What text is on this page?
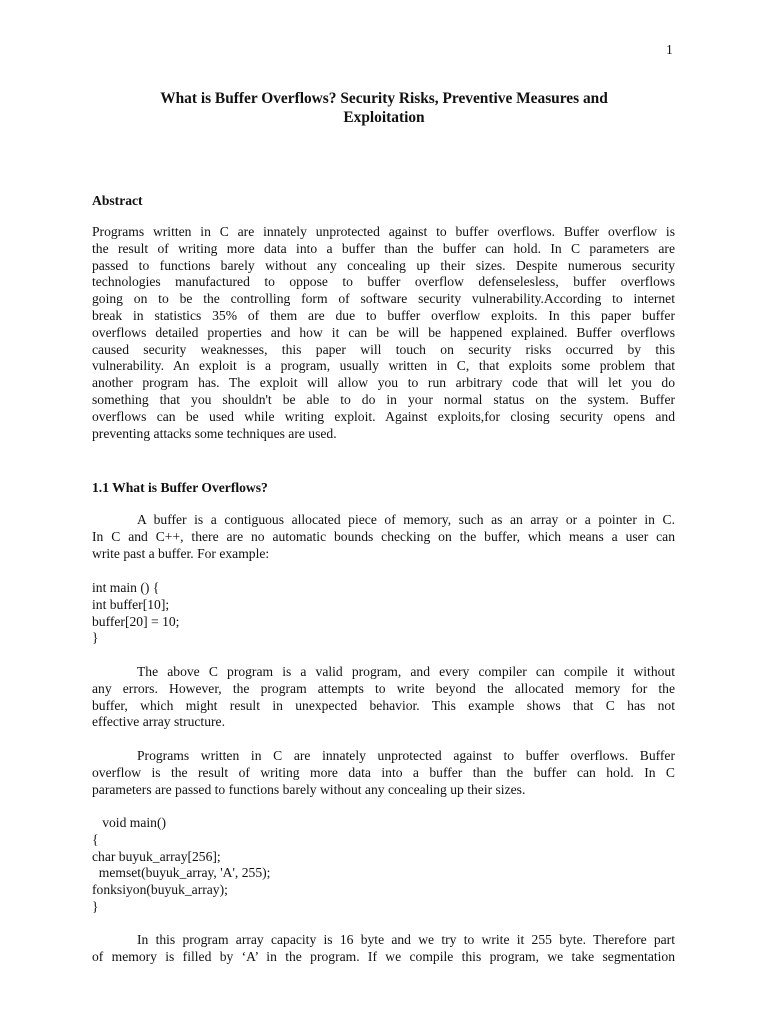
1
What is Buffer Overflows? Security Risks, Preventive Measures and
Exploitation
Abstract
Programs written in C are innately unprotected against to buffer overflows. Buffer overflow is
the result of writing more data into a buffer than the buffer can hold. In C parameters are
passed to functions barely without any concealing up their sizes. Despite numerous security
technologies manufactured to oppose to buffer overflow defenselesless, buffer overflows
going on to be the controlling form of software security vulnerability.According to internet
break in statistics 35% of them are due to buffer overflow exploits. In this paper buffer
overflows detailed properties and how it can be will be happened explained. Buffer overflows
caused security weaknesses, this paper will touch on security risks occurred by this
vulnerability. An exploit is a program, usually written in C, that exploits some problem that
another program has. The exploit will allow you to run arbitrary code that will let you do
something that you shouldn't be able to do in your normal status on the system. Buffer
overflows can be used while writing exploit. Against exploits,for closing security opens and
preventing attacks some techniques are used.
1.1 What is Buffer Overflows?
A buffer is a contiguous allocated piece of memory, such as an array or a pointer in C.
In C and C++, there are no automatic bounds checking on the buffer, which means a user can
write past a buffer. For example:
int main () {
int buffer[10];
buffer[20] = 10;
}
The above C program is a valid program, and every compiler can compile it without
any errors. However, the program attempts to write beyond the allocated memory for the
buffer, which might result in unexpected behavior. This example shows that C has not
effective array structure.
Programs written in C are innately unprotected against to buffer overflows. Buffer
overflow is the result of writing more data into a buffer than the buffer can hold. In C
parameters are passed to functions barely without any concealing up their sizes.
void main()
{
char buyuk_array[256];
memset(buyuk_array, 'A', 255);
fonksiyon(buyuk_array);
}
In this program array capacity is 16 byte and we try to write it 255 byte. Therefore part
of memory is filled by ‘A’ in the program. If we compile this program, we take segmentation
